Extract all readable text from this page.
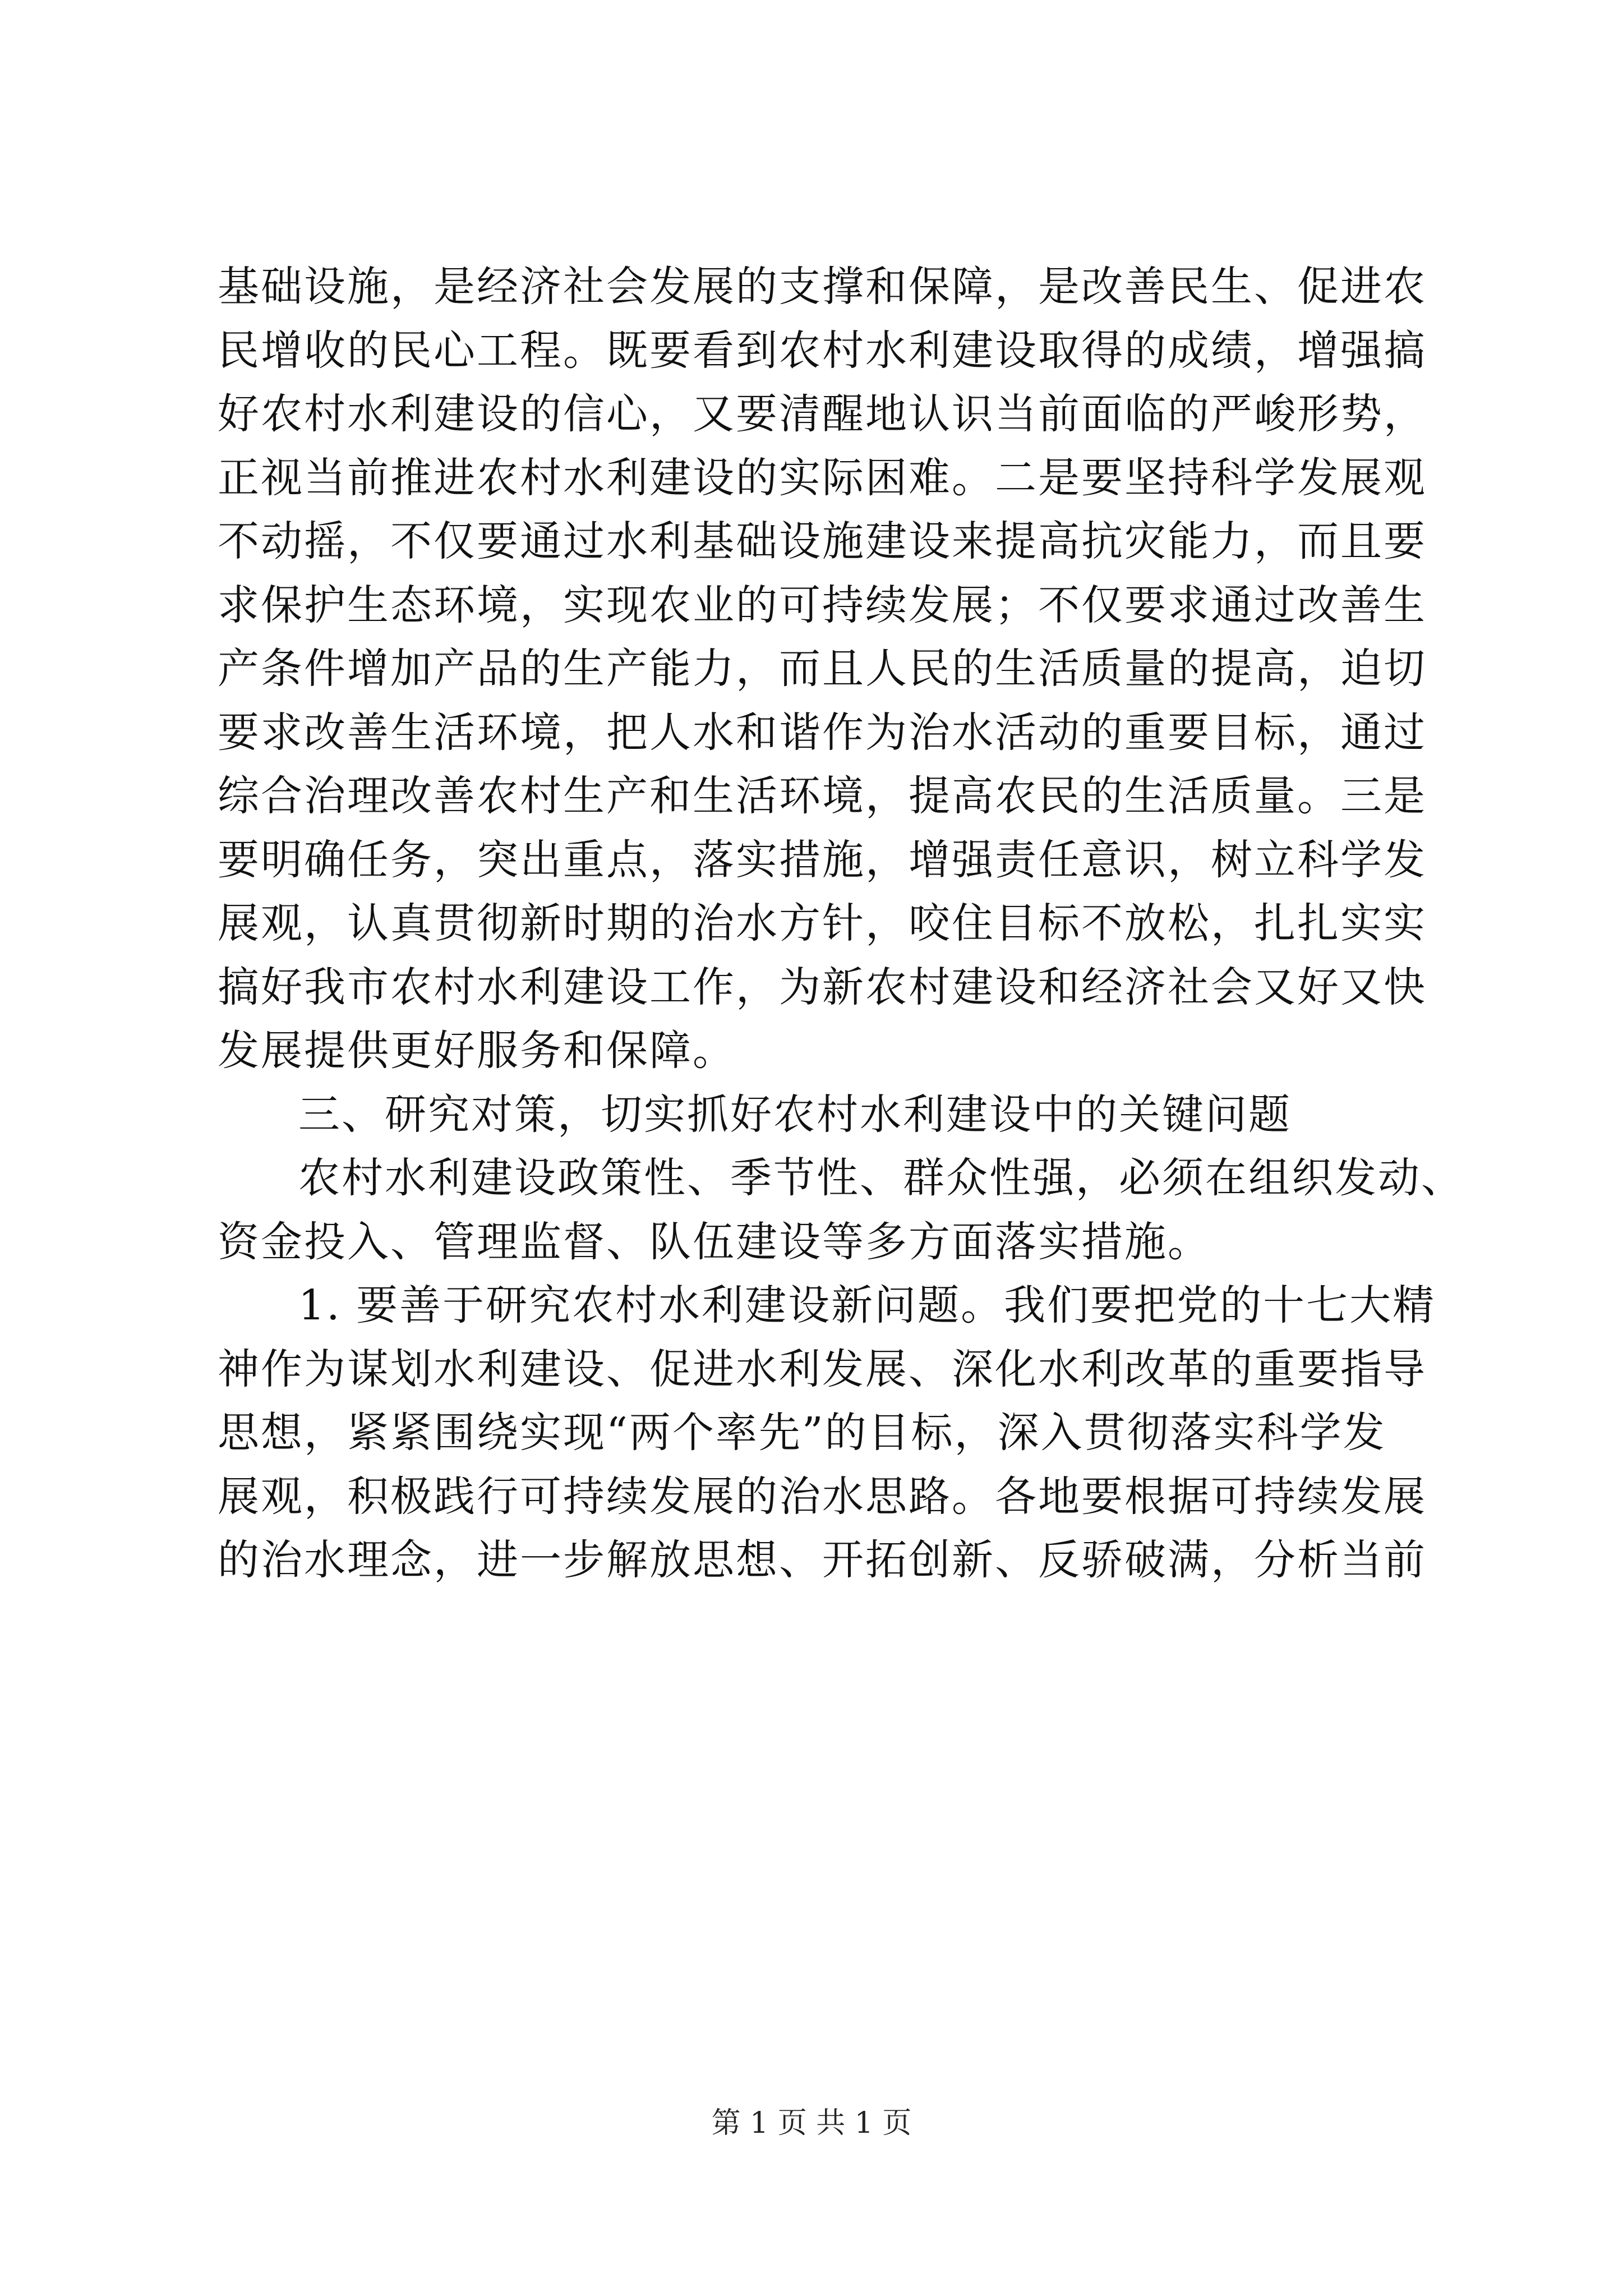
基础设施，是经济社会发展的支撑和保障，是改善民生、促进农
民增收的民心工程。既要看到农村水利建设取得的成绩，增强搞
好农村水利建设的信心，又要清醒地认识当前面临的严峻形势，
正视当前推进农村水利建设的实际困难。二是要坚持科学发展观
不动摇，不仅要通过水利基础设施建设来提高抗灾能力，而且要
求保护生态环境，实现农业的可持续发展；不仅要求通过改善生
产条件增加产品的生产能力，而且人民的生活质量的提高，迫切
要求改善生活环境，把人水和谐作为治水活动的重要目标，通过
综合治理改善农村生产和生活环境，提高农民的生活质量。三是
要明确任务，突出重点，落实措施，增强责任意识，树立科学发
展观，认真贯彻新时期的治水方针，咬住目标不放松，扎扎实实
搞好我市农村水利建设工作，为新农村建设和经济社会又好又快
发展提供更好服务和保障。
三、研究对策，切实抓好农村水利建设中的关键问题
农村水利建设政策性、季节性、群众性强，必须在组织发动、
资金投入、管理监督、队伍建设等多方面落实措施。
1. 要善于研究农村水利建设新问题。我们要把党的十七大精
神作为谋划水利建设、促进水利发展、深化水利改革的重要指导
思想，紧紧围绕实现“两个率先”的目标，深入贯彻落实科学发
展观，积极践行可持续发展的治水思路。各地要根据可持续发展
的治水理念，进一步解放思想、开拓创新、反骄破满，分析当前
第 1 页 共 1 页
